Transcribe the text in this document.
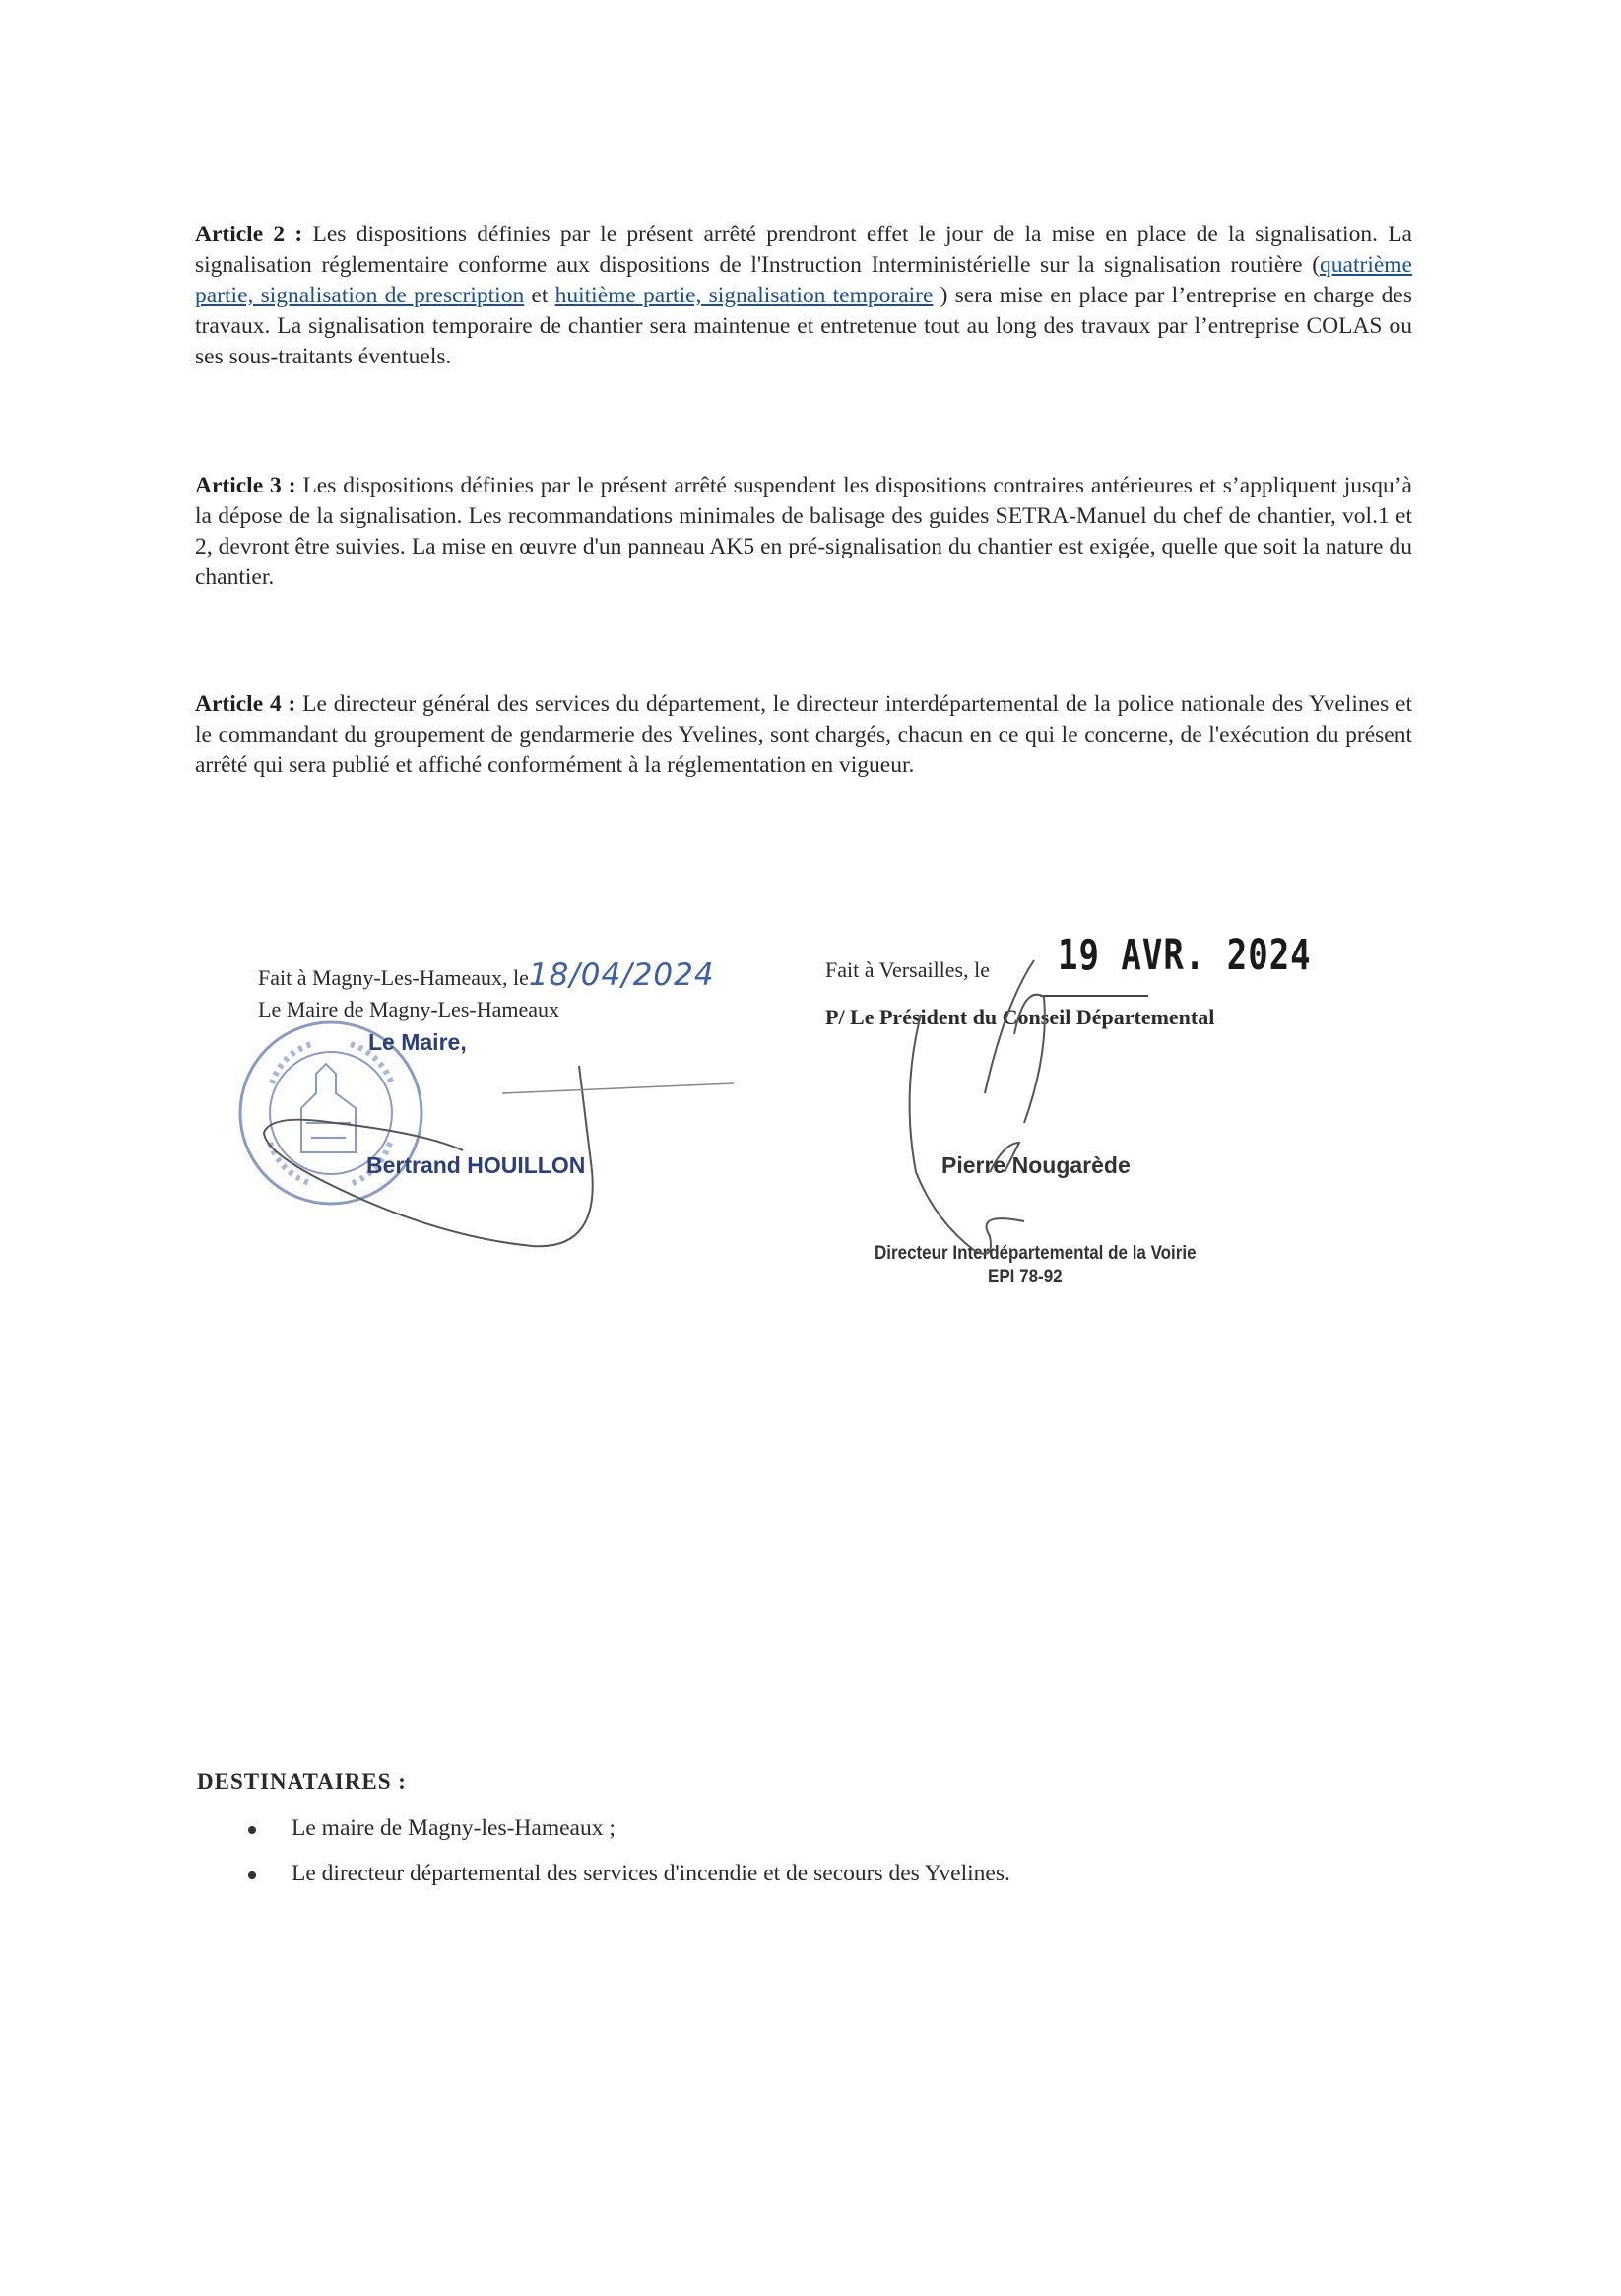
Article 2 : Les dispositions définies par le présent arrêté prendront effet le jour de la mise en place de la signalisation. La signalisation réglementaire conforme aux dispositions de l'Instruction Interministérielle sur la signalisation routière (quatrième partie, signalisation de prescription et huitième partie, signalisation temporaire ) sera mise en place par l’entreprise en charge des travaux. La signalisation temporaire de chantier sera maintenue et entretenue tout au long des travaux par l’entreprise COLAS ou ses sous-traitants éventuels.
Article 3 : Les dispositions définies par le présent arrêté suspendent les dispositions contraires antérieures et s’appliquent jusqu’à la dépose de la signalisation. Les recommandations minimales de balisage des guides SETRA-Manuel du chef de chantier, vol.1 et 2, devront être suivies. La mise en œuvre d'un panneau AK5 en pré-signalisation du chantier est exigée, quelle que soit la nature du chantier.
Article 4 : Le directeur général des services du département, le directeur interdépartemental de la police nationale des Yvelines et le commandant du groupement de gendarmerie des Yvelines, sont chargés, chacun en ce qui le concerne, de l'exécution du présent arrêté qui sera publié et affiché conformément à la réglementation en vigueur.
Fait à Magny-Les-Hameaux, le18/04/2024
Le Maire de Magny-Les-Hameaux
Le Maire,
Bertrand HOUILLON
Fait à Versailles, le 19 AVR. 2024
P/ Le Président du Conseil Départemental
Pierre Nougarède
Directeur Interdépartemental de la Voirie
EPI 78-92
DESTINATAIRES :
Le maire de Magny-les-Hameaux ;
Le directeur départemental des services d'incendie et de secours des Yvelines.
